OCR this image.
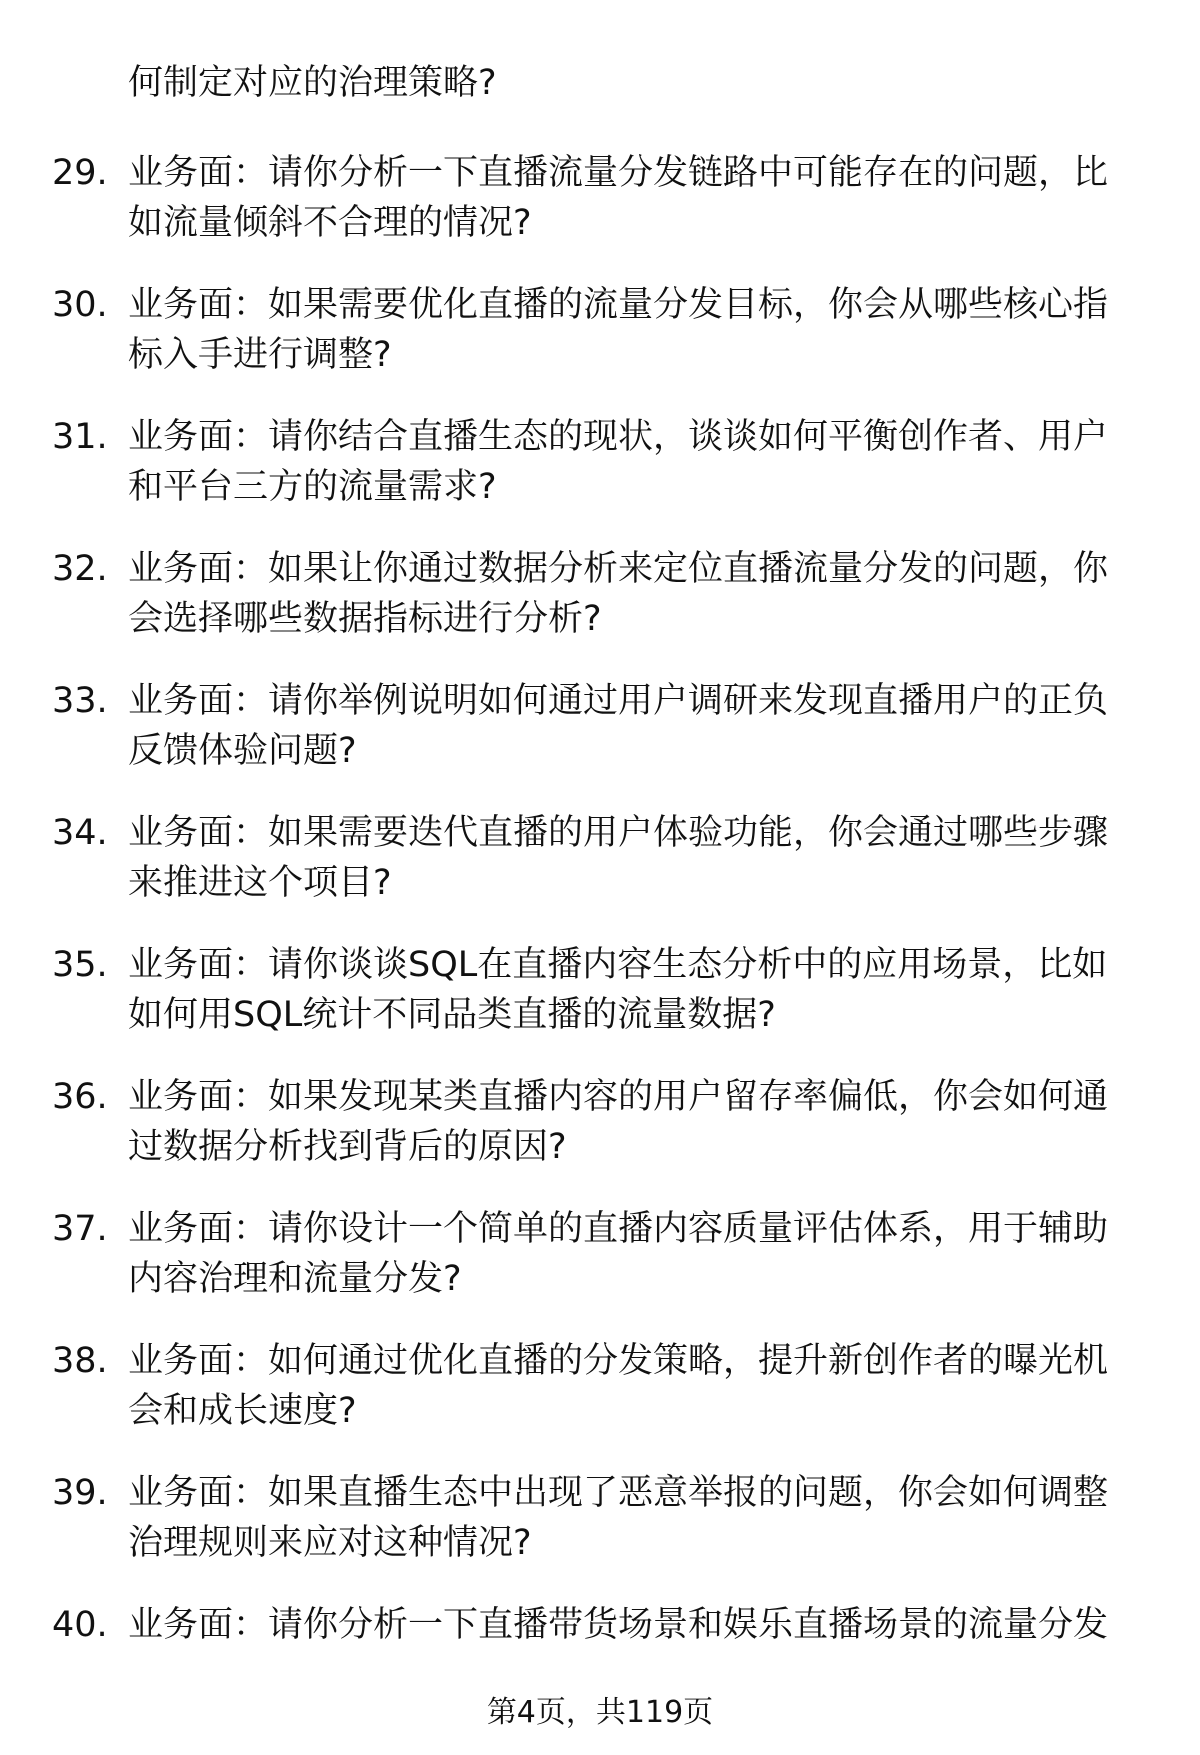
何制定对应的治理策略?
29. 业务面：请你分析一下直播流量分发链路中可能存在的问题，比如流量倾斜不合理的情况?
30. 业务面：如果需要优化直播的流量分发目标，你会从哪些核心指标入手进行调整?
31. 业务面：请你结合直播生态的现状，谈谈如何平衡创作者、用户和平台三方的流量需求?
32. 业务面：如果让你通过数据分析来定位直播流量分发的问题，你会选择哪些数据指标进行分析?
33. 业务面：请你举例说明如何通过用户调研来发现直播用户的正负反馈体验问题?
34. 业务面：如果需要迭代直播的用户体验功能，你会通过哪些步骤来推进这个项目?
35. 业务面：请你谈谈SQL在直播内容生态分析中的应用场景，比如如何用SQL统计不同品类直播的流量数据?
36. 业务面：如果发现某类直播内容的用户留存率偏低，你会如何通过数据分析找到背后的原因?
37. 业务面：请你设计一个简单的直播内容质量评估体系，用于辅助内容治理和流量分发?
38. 业务面：如何通过优化直播的分发策略，提升新创作者的曝光机会和成长速度?
39. 业务面：如果直播生态中出现了恶意举报的问题，你会如何调整治理规则来应对这种情况?
40. 业务面：请你分析一下直播带货场景和娱乐直播场景的流量分发
第4页，共119页
